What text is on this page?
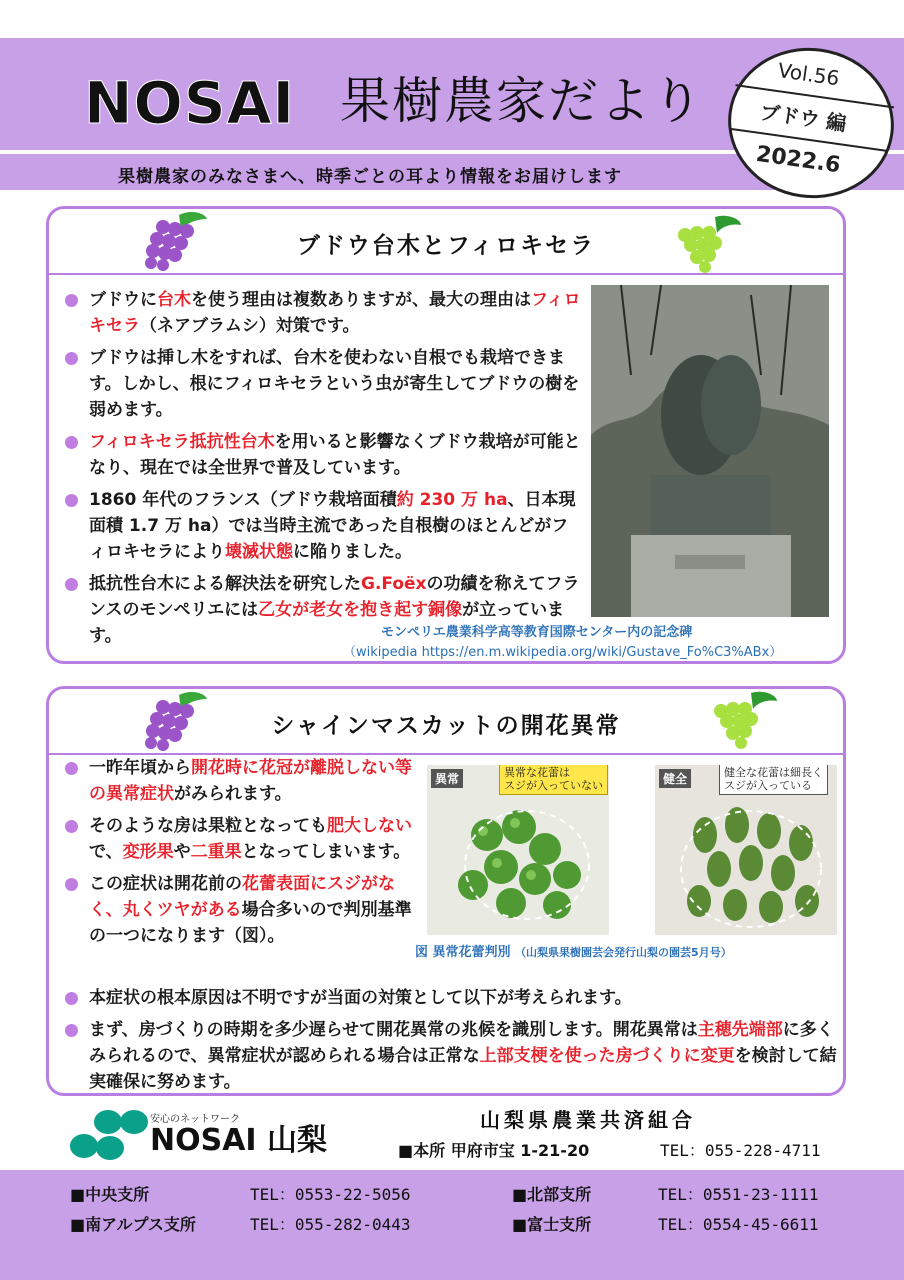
NOSAI 果樹農家だより
果樹農家のみなさまへ、時季ごとの耳より情報をお届けします
Vol.56
ブドウ 編
2022.6
ブドウ台木とフィロキセラ
ブドウに台木を使う理由は複数ありますが、最大の理由はフィロキセラ（ネアブラムシ）対策です。
ブドウは挿し木をすれば、台木を使わない自根でも栽培できます。しかし、根にフィロキセラという虫が寄生してブドウの樹を弱めます。
フィロキセラ抵抗性台木を用いると影響なくブドウ栽培が可能となり、現在では全世界で普及しています。
1860 年代のフランス（ブドウ栽培面積約 230 万 ha、日本現面積 1.7 万 ha）では当時主流であった自根樹のほとんどがフィロキセラにより壊滅状態に陥りました。
抵抗性台木による解決法を研究したG.Foëxの功績を称えてフランスのモンペリエには乙女が老女を抱き起す銅像が立っています。	モンペリエ農業科学高等教育国際センター内の記念碑
（wikipedia https://en.m.wikipedia.org/wiki/Gustave_Fo%C3%ABx）
シャインマスカットの開花異常
一昨年頃から開花時に花冠が離脱しない等の異常症状がみられます。
そのような房は果粒となっても肥大しないで、変形果や二重果となってしまいます。
この症状は開花前の花蕾表面にスジがなく、丸くツヤがある場合多いので判別基準の一つになります（図）。
異常	異常な花蕾は
スジが入っていない	健全	健全な花蕾は細長く
スジが入っている
図 異常花蕾判別 （山梨県果樹園芸会発行山梨の園芸5月号）
本症状の根本原因は不明ですが当面の対策として以下が考えられます。
まず、房づくりの時期を多少遅らせて開花異常の兆候を識別します。開花異常は主穂先端部に多くみられるので、異常症状が認められる場合は正常な上部支梗を使った房づくりに変更を検討して結実確保に努めます。
安心のネットワーク
NOSAI 山梨
山梨県農業共済組合
■本所 甲府市宝 1-21-20	TEL：055-228-4711
■中央支所	TEL：0553-22-5056	■北部支所	TEL：0551-23-1111
■南アルプス支所	TEL：055-282-0443	■富士支所	TEL：0554-45-6611
